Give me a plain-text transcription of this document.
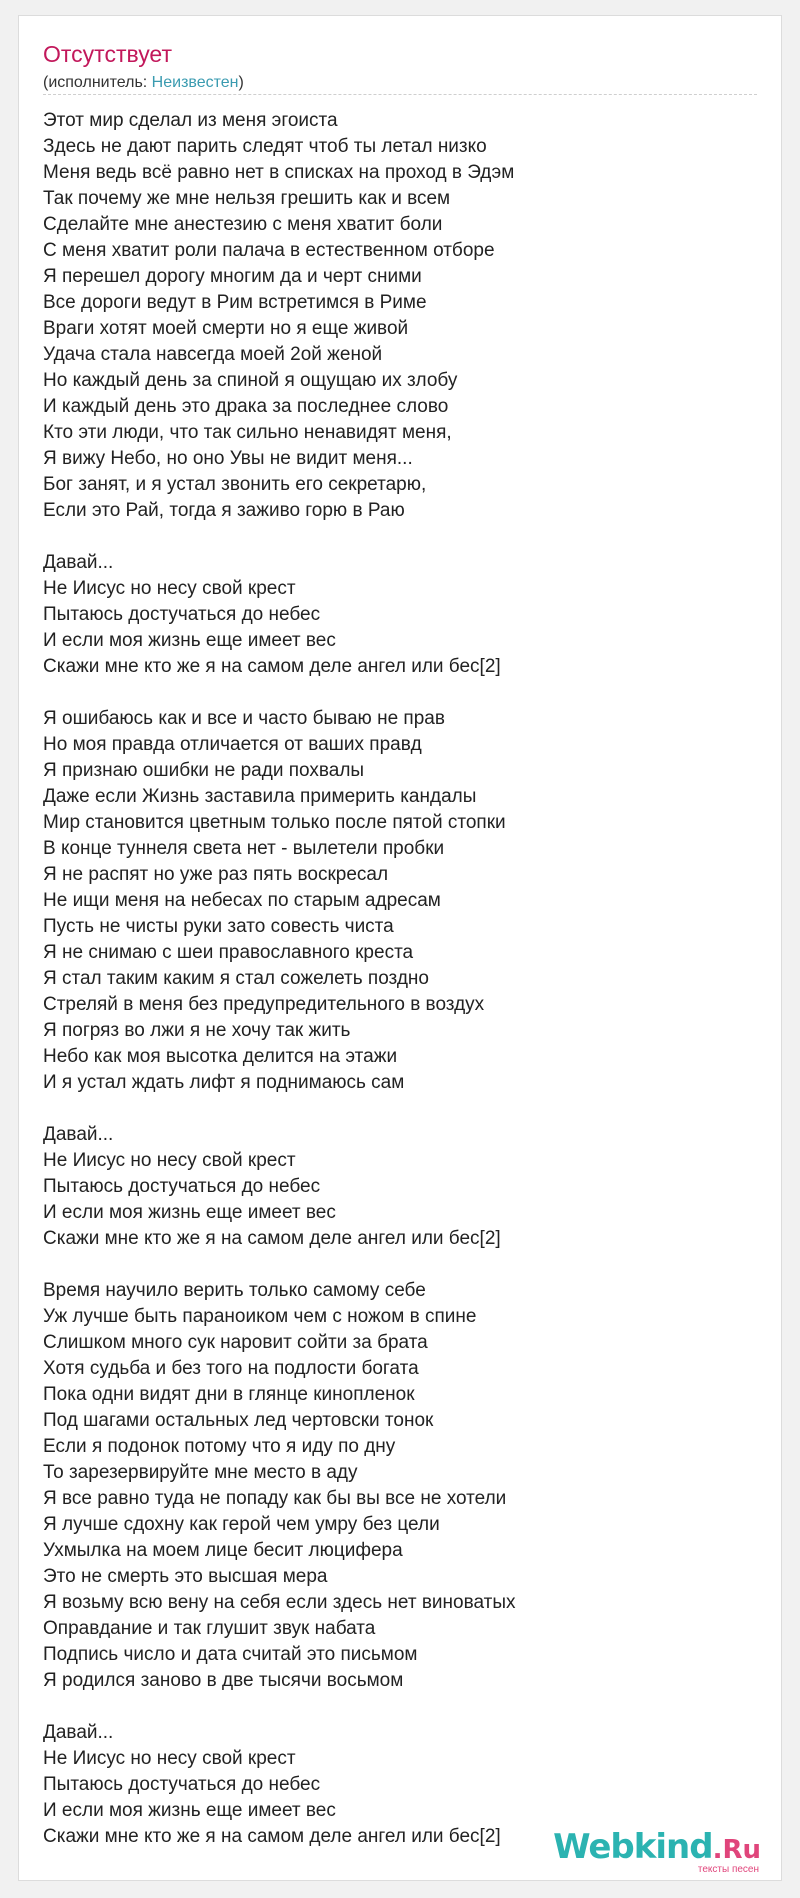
Отсутствует
(исполнитель: Неизвестен)
Этот мир сделал из меня эгоиста
Здесь не дают парить следят чтоб ты летал низко
Меня ведь всё равно нет в списках на проход в Эдэм
Так почему же мне нельзя грешить как и всем
Сделайте мне анестезию с меня хватит боли
С меня хватит роли палача в естественном отборе
Я перешел дорогу многим да и черт сними
Все дороги ведут в Рим встретимся в Риме
Враги хотят моей смерти но я еще живой
Удача стала навсегда моей 2ой женой
Но каждый день за спиной я ощущаю их злобу
И каждый день это драка за последнее слово
Кто эти люди, что так сильно ненавидят меня,
Я вижу Небо, но оно Увы не видит меня...
Бог занят, и я устал звонить его секретарю,
Если это Рай, тогда я заживо горю в Раю
Давай...
Не Иисус но несу свой крест
Пытаюсь достучаться до небес
И если моя жизнь еще имеет вес
Скажи мне кто же я на самом деле ангел или бес[2]
Я ошибаюсь как и все и часто бываю не прав
Но моя правда отличается от ваших правд
Я признаю ошибки не ради похвалы
Даже если Жизнь заставила примерить кандалы
Мир становится цветным только после пятой стопки
В конце туннеля света нет - вылетели пробки
Я не распят но уже раз пять воскресал
Не ищи меня на небесах по старым адресам
Пусть не чисты руки зато совесть чиста
Я не снимаю с шеи православного креста
Я стал таким каким я стал сожелеть поздно
Стреляй в меня без предупредительного в воздух
Я погряз во лжи я не хочу так жить
Небо как моя высотка делится на этажи
И я устал ждать лифт я поднимаюсь сам
Давай...
Не Иисус но несу свой крест
Пытаюсь достучаться до небес
И если моя жизнь еще имеет вес
Скажи мне кто же я на самом деле ангел или бес[2]
Время научило верить только самому себе
Уж лучше быть параноиком чем с ножом в спине
Слишком много сук наровит сойти за брата
Хотя судьба и без того на подлости богата
Пока одни видят дни в глянце кинопленок
Под шагами остальных лед чертовски тонок
Если я подонок потому что я иду по дну
То зарезервируйте мне место в аду
Я все равно туда не попаду как бы вы все не хотели
Я лучше сдохну как герой чем умру без цели
Ухмылка на моем лице бесит люцифера
Это не смерть это высшая мера
Я возьму всю вену на себя если здесь нет виноватых
Оправдание и так глушит звук набата
Подпись число и дата считай это письмом
Я родился заново в две тысячи восьмом
Давай...
Не Иисус но несу свой крест
Пытаюсь достучаться до небес
И если моя жизнь еще имеет вес
Скажи мне кто же я на самом деле ангел или бес[2]	Webkind.Ru
тексты песен
